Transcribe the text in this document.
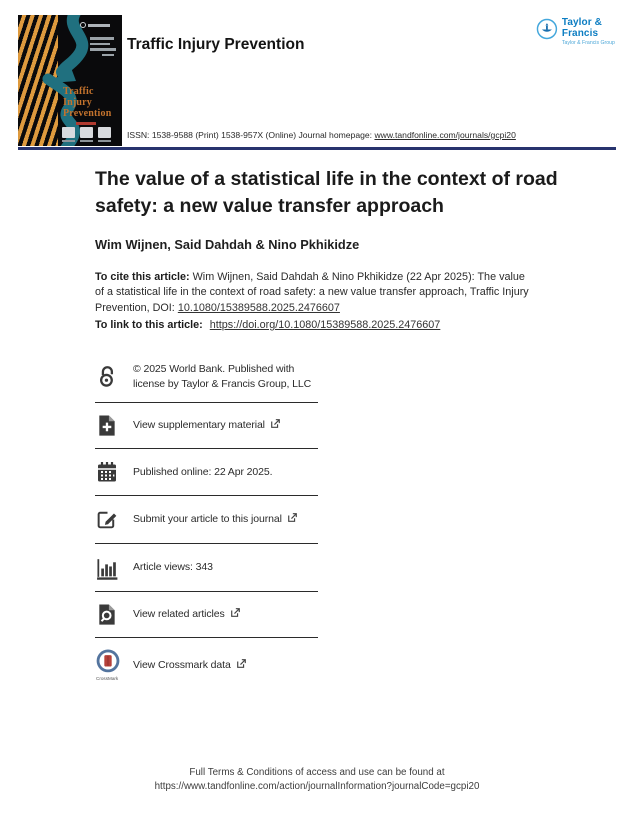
Traffic
Injury
Prevention
Traffic Injury Prevention
Taylor & Francis
Taylor & Francis Group
ISSN: 1538-9588 (Print) 1538-957X (Online) Journal homepage: www.tandfonline.com/journals/gcpi20
The value of a statistical life in the context of road safety: a new value transfer approach
Wim Wijnen, Said Dahdah & Nino Pkhikidze

To cite this article: Wim Wijnen, Said Dahdah & Nino Pkhikidze (22 Apr 2025): The value of a statistical life in the context of road safety: a new value transfer approach, Traffic Injury Prevention, DOI: 10.1080/15389588.2025.2476607

To link to this article: https://doi.org/10.1080/15389588.2025.2476607

© 2025 World Bank. Published with license by Taylor & Francis Group, LLC
View supplementary material
Published online: 22 Apr 2025.
Submit your article to this journal
Article views: 343
View related articles
CrossMark
View Crossmark data
Full Terms & Conditions of access and use can be found at
https://www.tandfonline.com/action/journalInformation?journalCode=gcpi20
